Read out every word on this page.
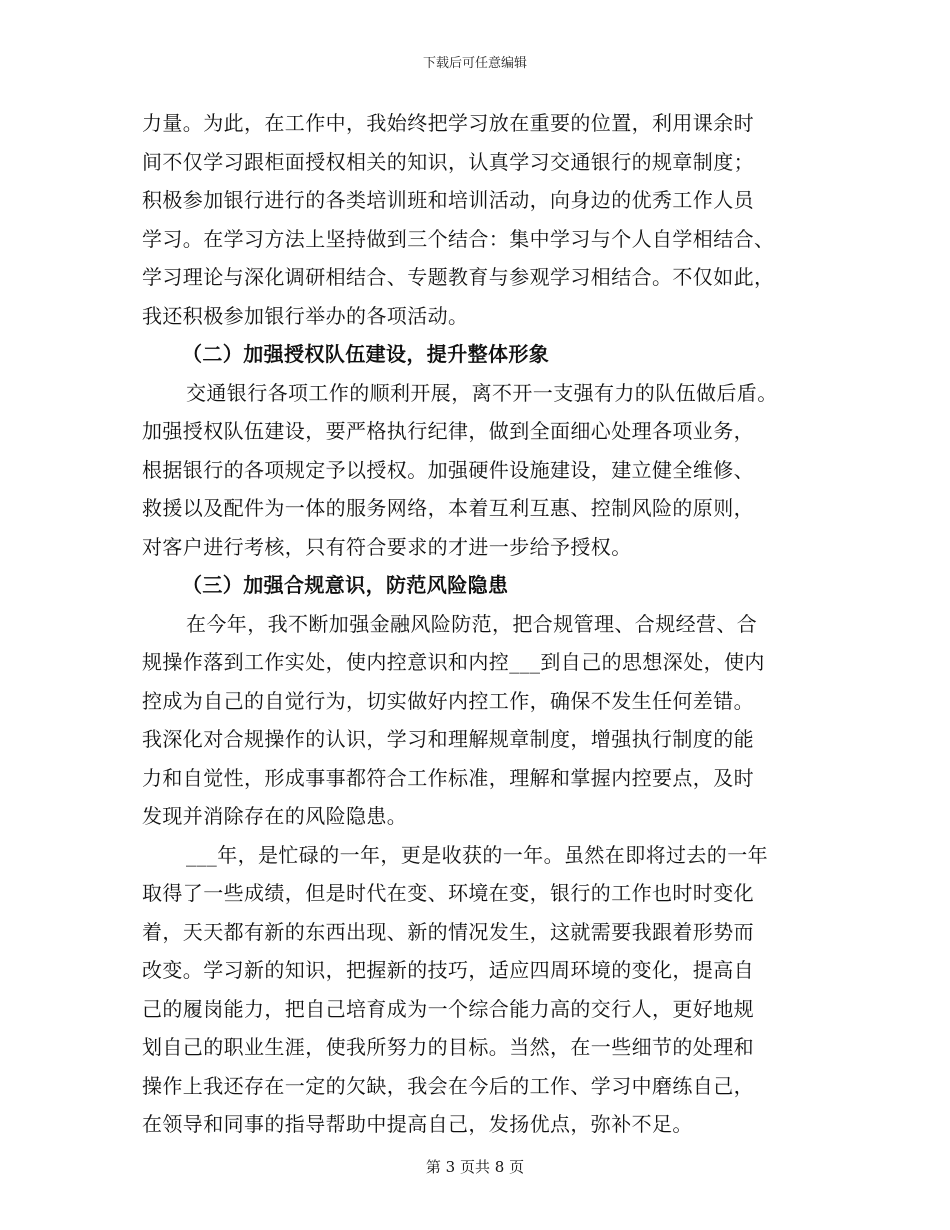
下载后可任意编辑
力量。为此，在工作中，我始终把学习放在重要的位置，利用课余时
间不仅学习跟柜面授权相关的知识，认真学习交通银行的规章制度；
积极参加银行进行的各类培训班和培训活动，向身边的优秀工作人员
学习。在学习方法上坚持做到三个结合：集中学习与个人自学相结合、
学习理论与深化调研相结合、专题教育与参观学习相结合。不仅如此，
我还积极参加银行举办的各项活动。
（二）加强授权队伍建设，提升整体形象
交通银行各项工作的顺利开展，离不开一支强有力的队伍做后盾。
加强授权队伍建设，要严格执行纪律，做到全面细心处理各项业务，
根据银行的各项规定予以授权。加强硬件设施建设，建立健全维修、
救援以及配件为一体的服务网络，本着互利互惠、控制风险的原则，
对客户进行考核，只有符合要求的才进一步给予授权。
（三）加强合规意识，防范风险隐患
在今年，我不断加强金融风险防范，把合规管理、合规经营、合
规操作落到工作实处，使内控意识和内控___到自己的思想深处，使内
控成为自己的自觉行为，切实做好内控工作，确保不发生任何差错。
我深化对合规操作的认识，学习和理解规章制度，增强执行制度的能
力和自觉性，形成事事都符合工作标准，理解和掌握内控要点，及时
发现并消除存在的风险隐患。
___年，是忙碌的一年，更是收获的一年。虽然在即将过去的一年
取得了一些成绩，但是时代在变、环境在变，银行的工作也时时变化
着，天天都有新的东西出现、新的情况发生，这就需要我跟着形势而
改变。学习新的知识，把握新的技巧，适应四周环境的变化，提高自
己的履岗能力，把自己培育成为一个综合能力高的交行人，更好地规
划自己的职业生涯，使我所努力的目标。当然，在一些细节的处理和
操作上我还存在一定的欠缺，我会在今后的工作、学习中磨练自己，
在领导和同事的指导帮助中提高自己，发扬优点，弥补不足。
第 3 页共 8 页
